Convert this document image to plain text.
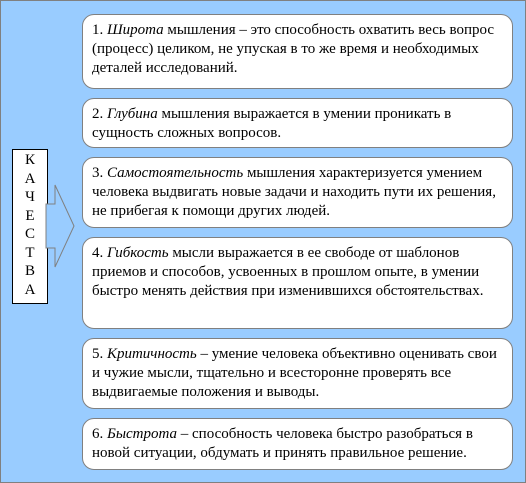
К
А
Ч
Е
С
Т
В
А
1. Широта мышления – это способность охватить весь вопрос (процесс) целиком, не упуская в то же время и необходимых деталей исследований.
2. Глубина мышления выражается в умении проникать в сущность сложных вопросов.
3. Самостоятельность мышления характеризуется умением человека выдвигать новые задачи и находить пути их решения, не прибегая к помощи других людей.
4. Гибкость мысли выражается в ее свободе от шаблонов приемов и способов, усвоенных в прошлом опыте, в умении быстро менять действия при изменившихся обстоятельствах.
5. Критичность – умение человека объективно оценивать свои и чужие мысли, тщательно и всесторонне проверять все выдвигаемые положения и выводы.
6. Быстрота – способность человека быстро разобраться в новой ситуации, обдумать и принять правильное решение.
